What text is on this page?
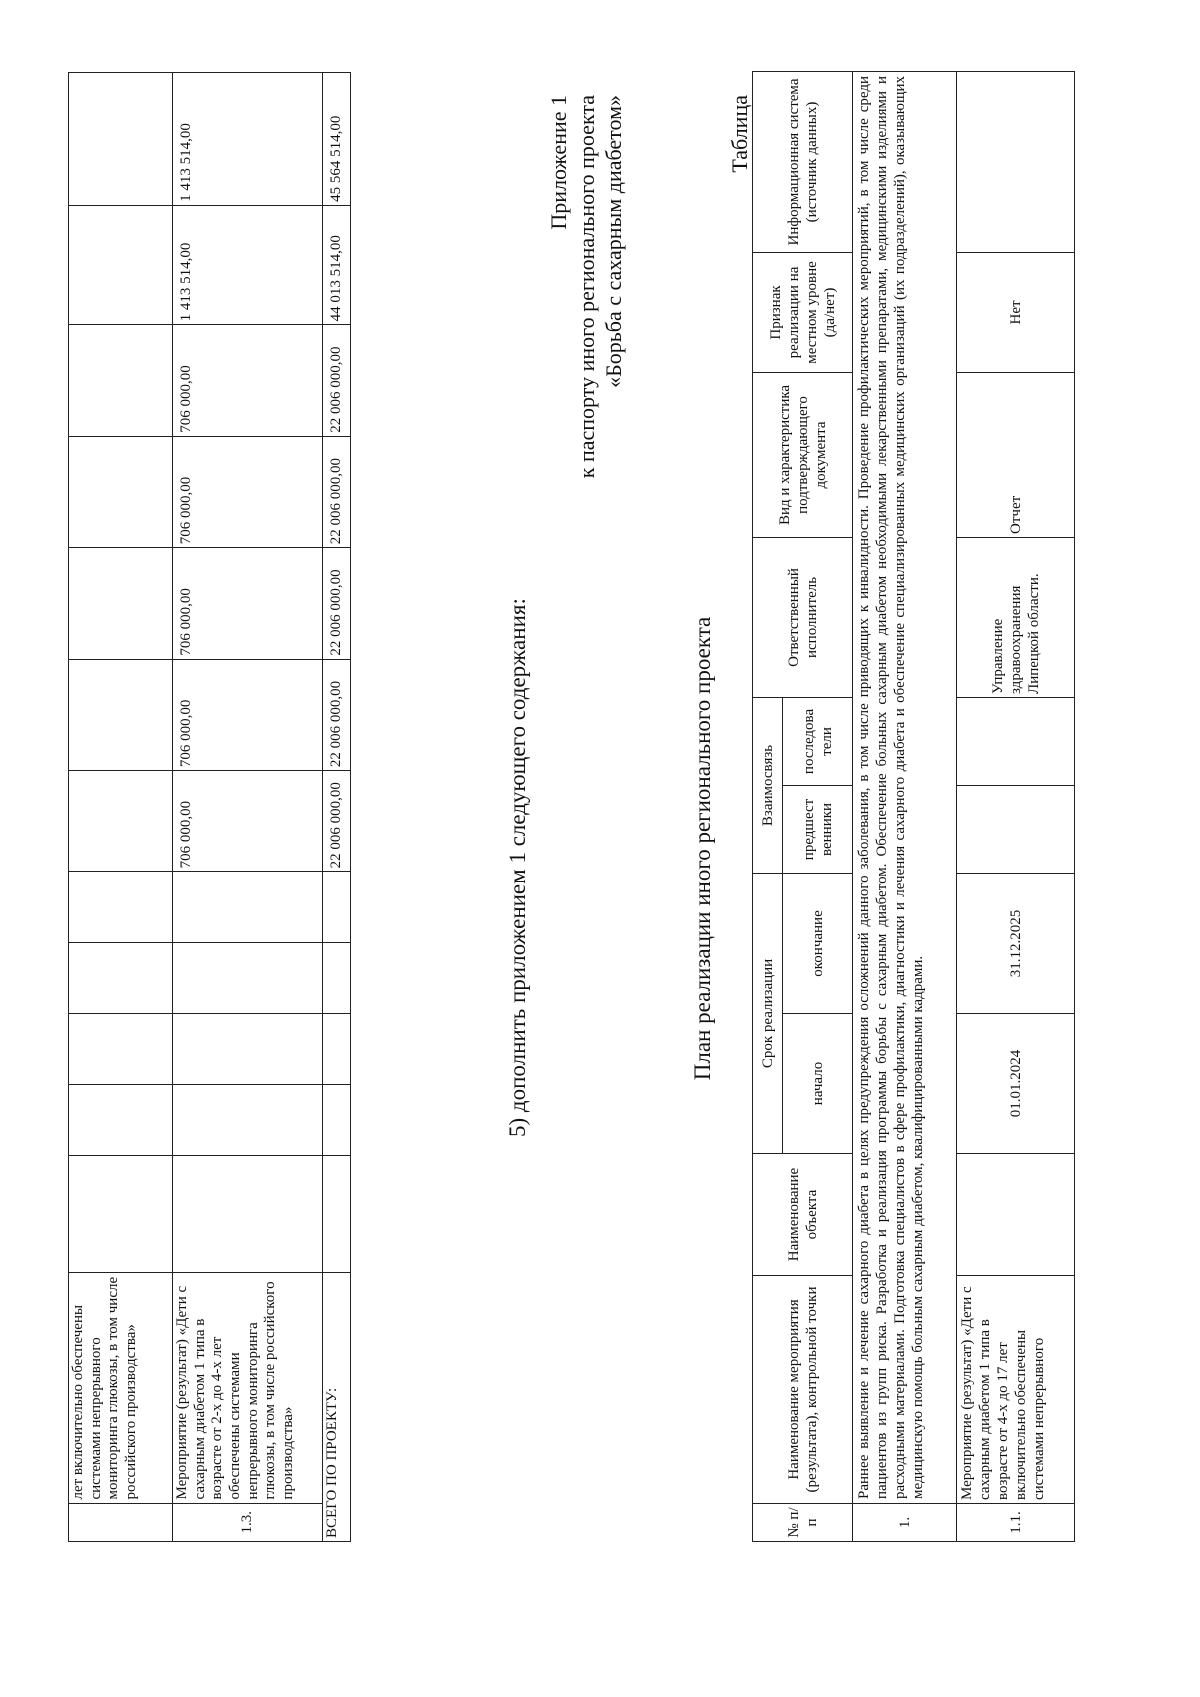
	лет включительно обеспечены системами непрерывного мониторинга глюкозы, в том числе российского производства»												
1.3.	Мероприятие (результат) «Дети с сахарным диабетом 1 типа в возрасте от 2-х до 4-х лет обеспечены системами непрерывного мониторинга глюкозы, в том числе российского производства»						706 000,00	706 000,00	706 000,00	706 000,00	706 000,00	1 413 514,00	1 413 514,00
ВСЕГО ПО ПРОЕКТУ:							22 006 000,00	22 006 000,00	22 006 000,00	22 006 000,00	22 006 000,00	44 013 514,00	45 564 514,00
5) дополнить приложением 1 следующего содержания:
Приложение 1 к паспорту иного регионального проекта «Борьба с сахарным диабетом»
План реализации иного регионального проекта
Таблица
№ п/п	Наименование мероприятия (результата), контрольной точки	Наименование объекта	Срок реализации		Взаимосвязь		Ответственный исполнитель	Вид и характеристика подтверждающего документа	Признак реализации на местном уровне (да/нет)	Информационная система (источник данных)
			начало	окончание	предшест венники	последова тели				
1.	Раннее выявление и лечение сахарного диабета в целях предупреждения осложнений данного заболевания, в том числе приводящих к инвалидности. Проведение профилактических мероприятий, в том числе среди пациентов из групп риска. Разработка и реализация программы борьбы с сахарным диабетом. Обеспечение больных сахарным диабетом необходимыми лекарственными препаратами, медицинскими изделиями и расходными материалами. Подготовка специалистов в сфере профилактики, диагностики и лечения сахарного диабета и обеспечение специализированных медицинских организаций (их подразделений), оказывающих медицинскую помощь больным сахарным диабетом, квалифицированными кадрами.									
1.1.	Мероприятие (результат) «Дети с сахарным диабетом 1 типа в возрасте от 4-х до 17 лет включительно обеспечены системами непрерывного		01.01.2024	31.12.2025			Управление здравоохранения Липецкой области.	Отчет	Нет	
